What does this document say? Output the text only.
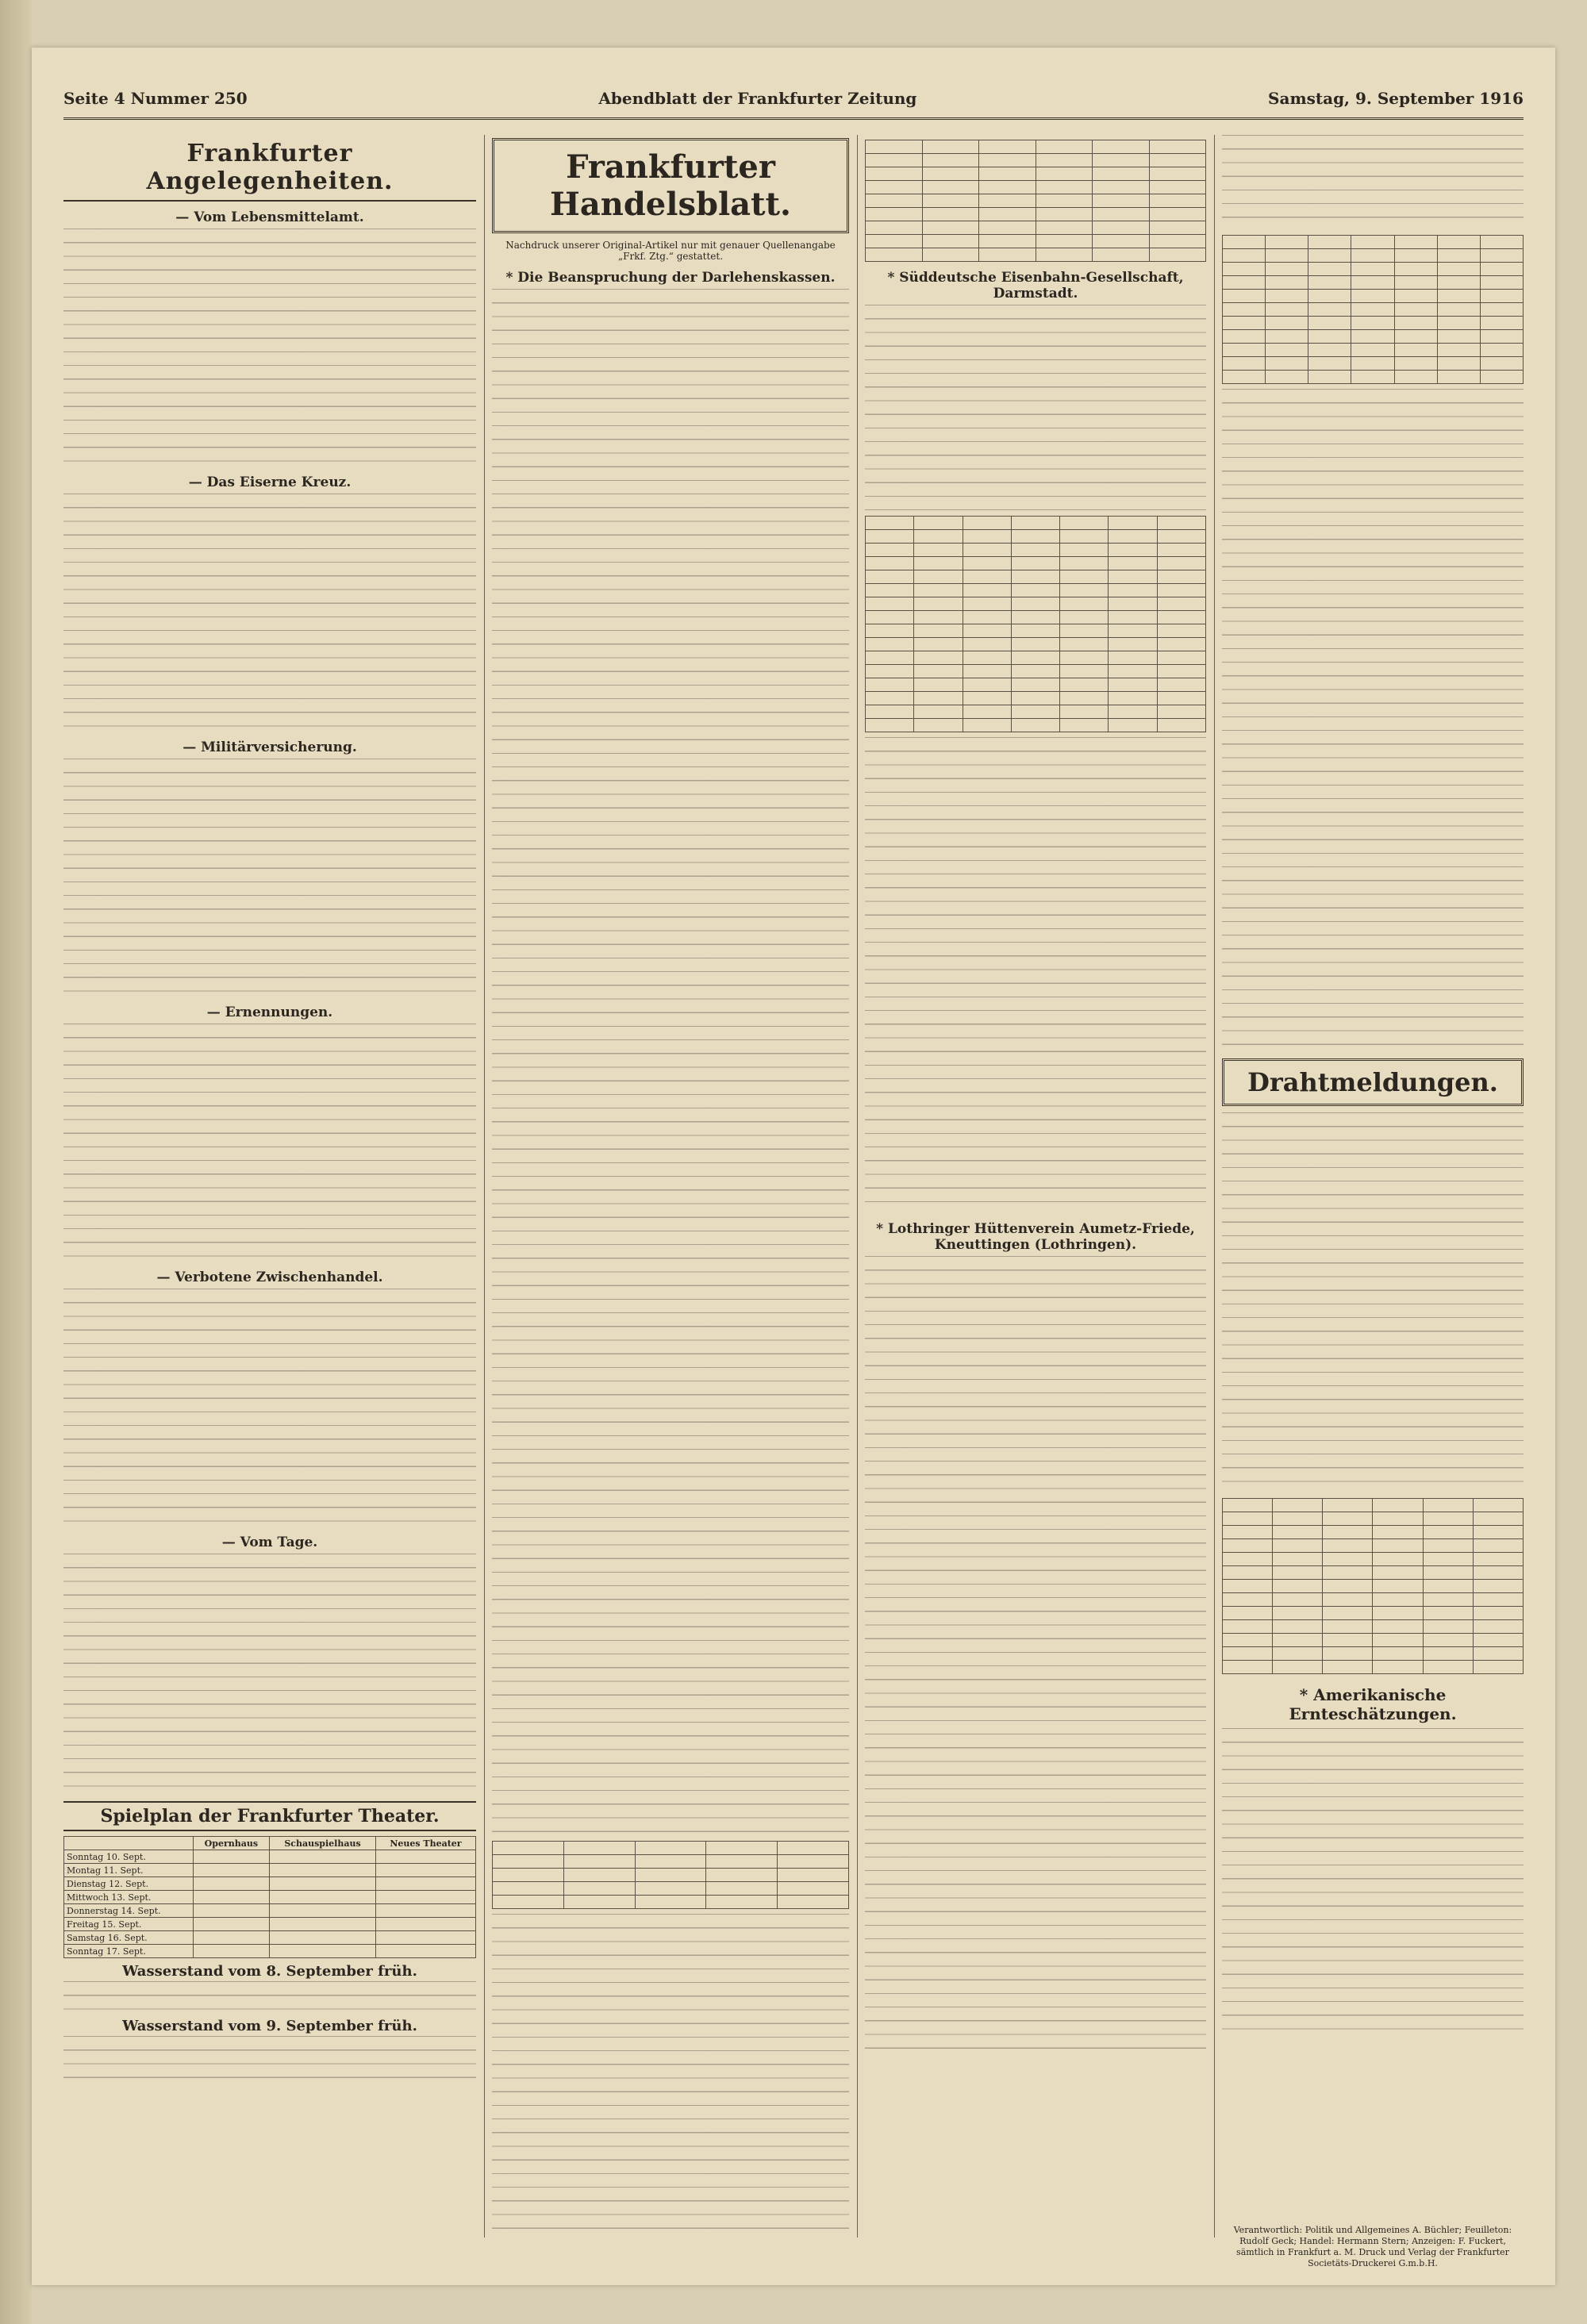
Seite 4 Nummer 250	Abendblatt der Frankfurter Zeitung	Samstag, 9. September 1916
Frankfurter Angelegenheiten.
— Vom Lebensmittelamt.
— Das Eiserne Kreuz.
— Militärversicherung.
— Ernennungen.
— Verbotene Zwischenhandel.
— Vom Tage.
Spielplan der Frankfurter Theater.
	Opernhaus	Schauspielhaus	Neues Theater
Sonntag 10. Sept.			
Montag 11. Sept.			
Dienstag 12. Sept.			
Mittwoch 13. Sept.			
Donnerstag 14. Sept.			
Freitag 15. Sept.			
Samstag 16. Sept.			
Sonntag 17. Sept.			
Wasserstand vom 8. September früh.
Wasserstand vom 9. September früh.
Frankfurter Handelsblatt.
Nachdruck unserer Original-Artikel nur mit genauer Quellenangabe „Frkf. Ztg.“ gestattet.
* Die Beanspruchung der Darlehenskassen.

						* Süddeutsche Eisenbahn-Gesellschaft, Darmstadt.

* Lothringer Hüttenverein Aumetz-Friede, Kneuttingen (Lothringen).

Drahtmeldungen.

* Amerikanische Ernteschätzungen.
Verantwortlich: Politik und Allgemeines A. Büchler; Feuilleton: Rudolf Geck; Handel: Hermann Stern; Anzeigen: F. Fuckert, sämtlich in Frankfurt a. M. Druck und Verlag der Frankfurter Societäts-Druckerei G.m.b.H.
